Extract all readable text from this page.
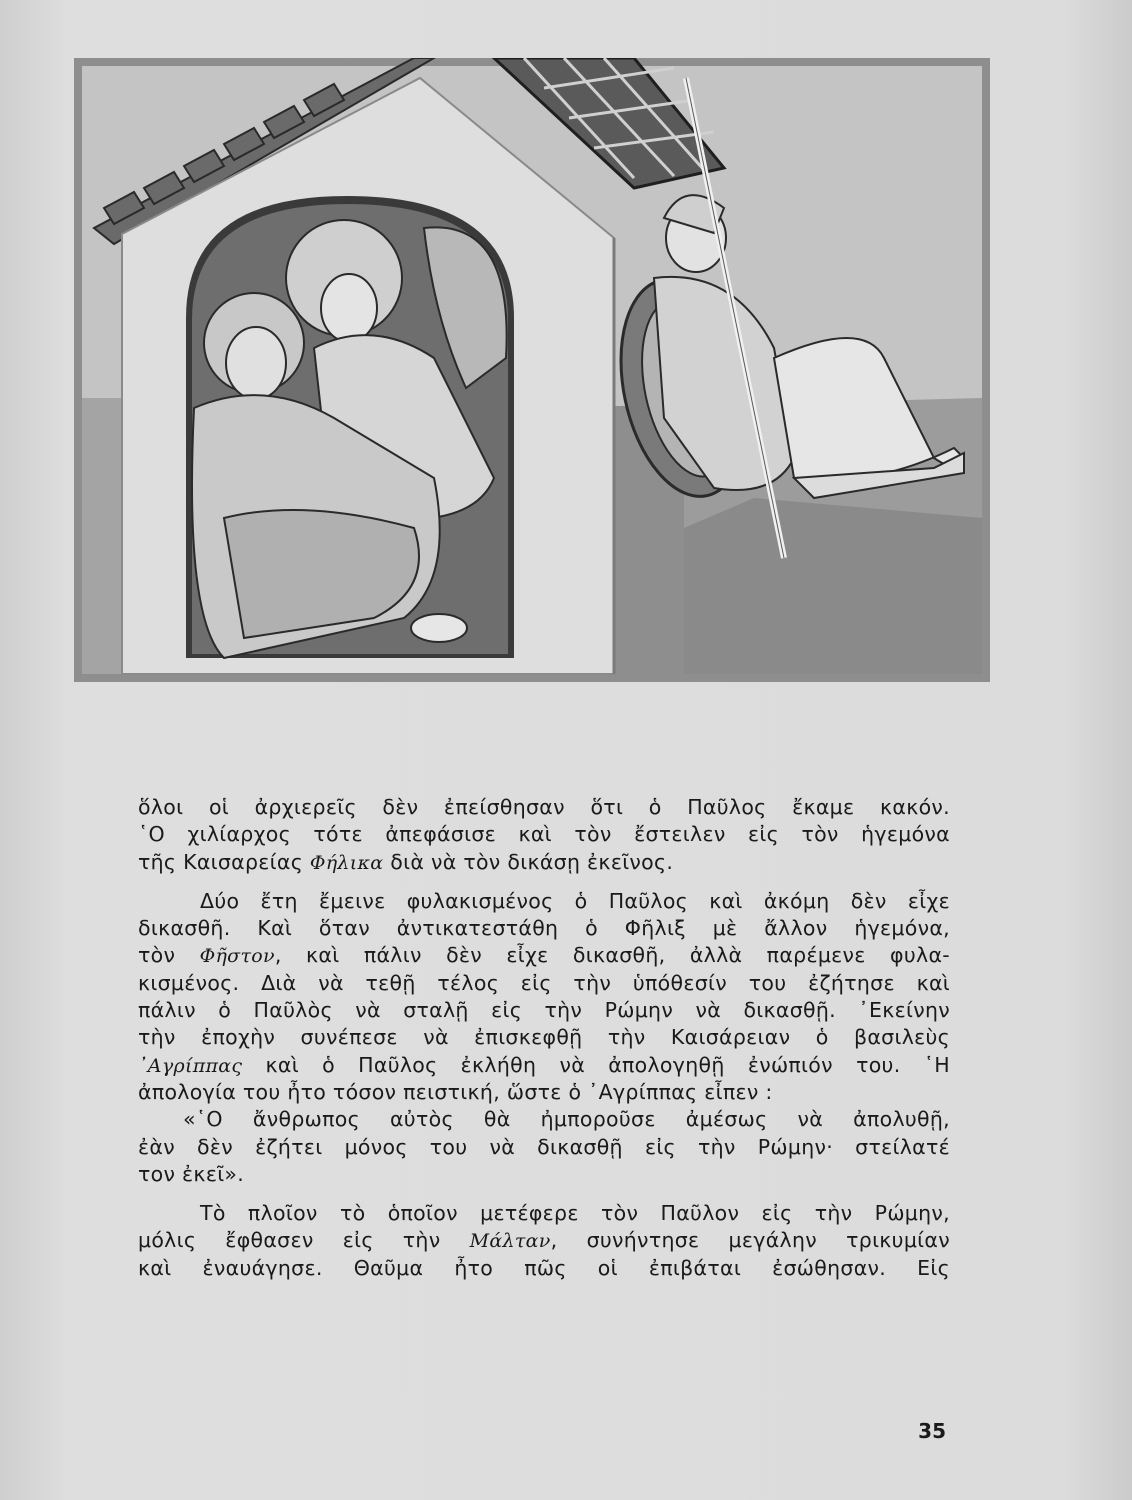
ὅλοι οἱ ἀρχιερεῖς δὲν ἐπείσθησαν ὅτι ὁ Παῦλος ἔκαμε κακόν.
῾Ο χιλίαρχος τότε ἀπεφάσισε καὶ τὸν ἔστειλεν εἰς τὸν ἡγεμόνα
τῆς Καισαρείας Φήλικα διὰ νὰ τὸν δικάσῃ ἐκεῖνος.
Δύο ἔτη ἔμεινε φυλακισμένος ὁ Παῦλος καὶ ἀκόμη δὲν εἶχε
δικασθῆ. Καὶ ὅταν ἀντικατεστάθη ὁ Φῆλιξ μὲ ἄλλον ἡγεμόνα,
τὸν Φῆστον, καὶ πάλιν δὲν εἶχε δικασθῆ, ἀλλὰ παρέμενε φυλα-
κισμένος. Διὰ νὰ τεθῇ τέλος εἰς τὴν ὑπόθεσίν του ἐζήτησε καὶ
πάλιν ὁ Παῦλὸς νὰ σταλῇ εἰς τὴν Ρώμην νὰ δικασθῇ. ᾿Εκείνην
τὴν ἐποχὴν συνέπεσε νὰ ἐπισκεφθῇ τὴν Καισάρειαν ὁ βασιλεὺς
᾿Αγρίππας καὶ ὁ Παῦλος ἐκλήθη νὰ ἀπολογηθῇ ἐνώπιόν του. ῾Η
ἀπολογία του ἦτο τόσον πειστική, ὥστε ὁ ᾿Αγρίππας εἶπεν :
«῾Ο ἄνθρωπος αὐτὸς θὰ ἠμποροῦσε ἀμέσως νὰ ἀπολυθῇ,
ἐὰν δὲν ἐζήτει μόνος του νὰ δικασθῇ εἰς τὴν Ρώμην· στείλατέ
τον ἐκεῖ».
Τὸ πλοῖον τὸ ὁποῖον μετέφερε τὸν Παῦλον εἰς τὴν Ρώμην,
μόλις ἔφθασεν εἰς τὴν Μάλταν, συνήντησε μεγάλην τρικυμίαν
καὶ ἐναυάγησε. Θαῦμα ἦτο πῶς οἱ ἐπιβάται ἐσώθησαν. Εἰς
35
